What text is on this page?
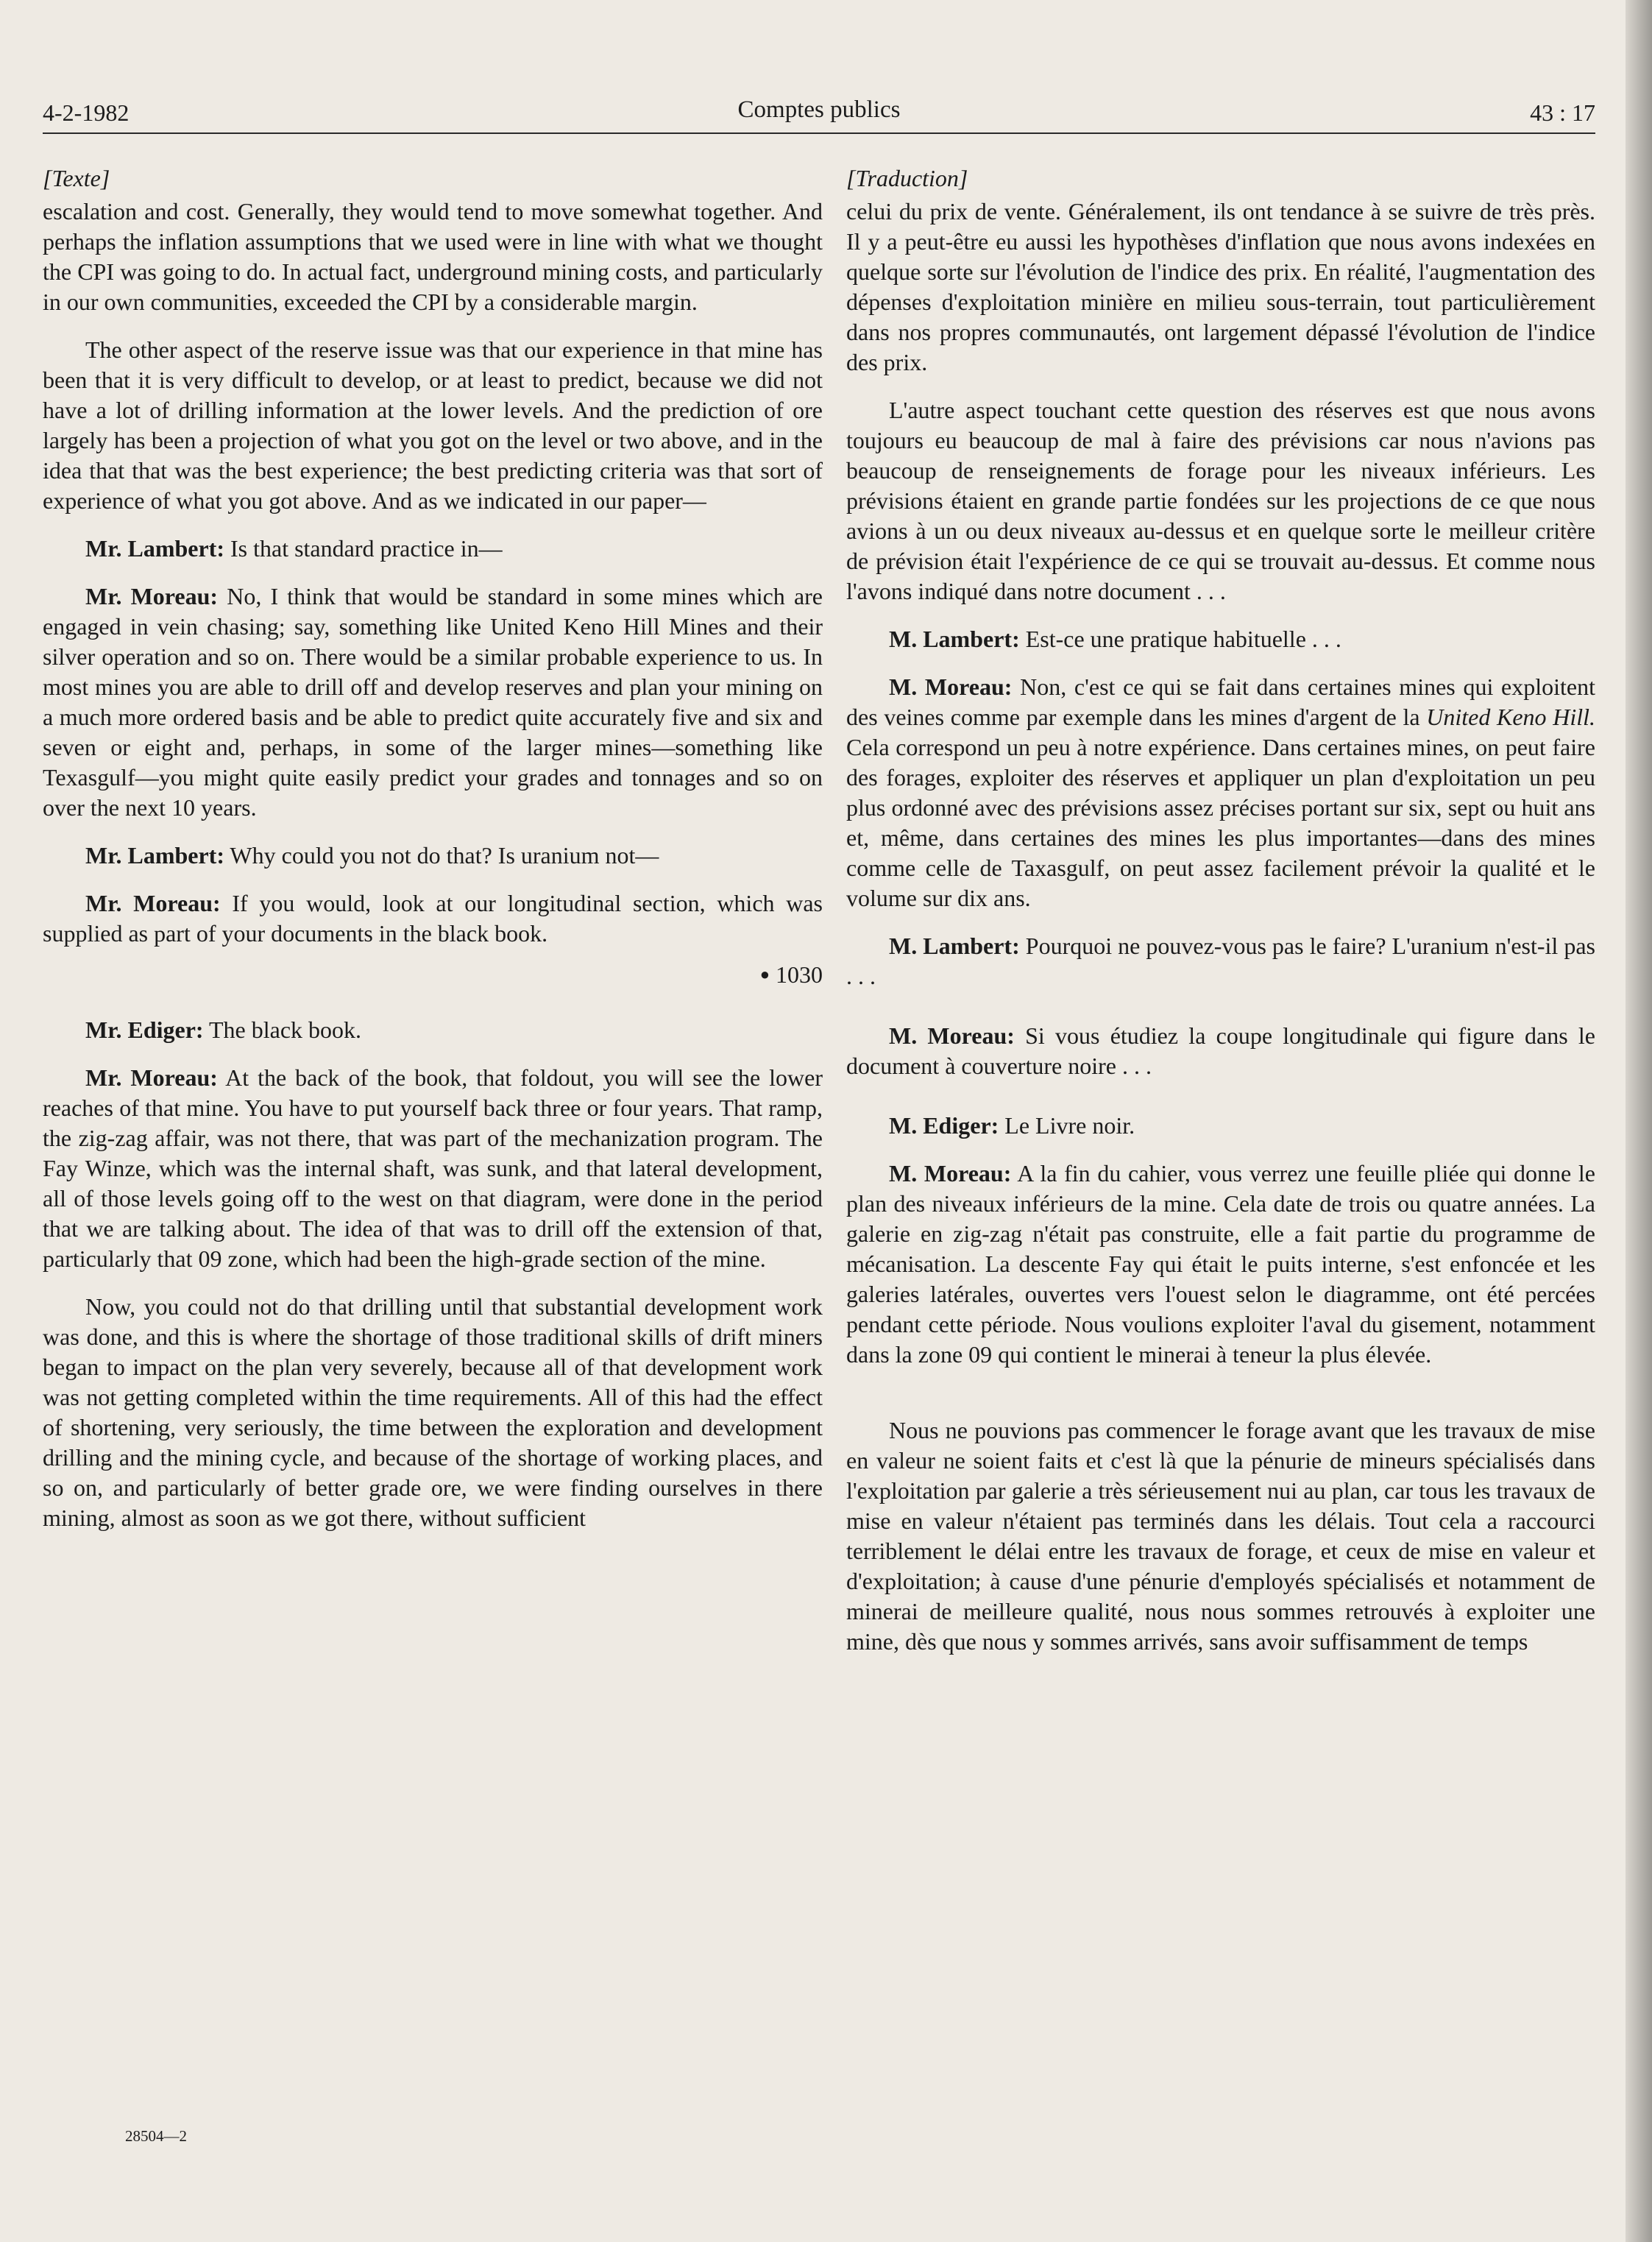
4-2-1982	Comptes publics	43 : 17

[Texte]

escalation and cost. Generally, they would tend to move somewhat together. And perhaps the inflation assumptions that we used were in line with what we thought the CPI was going to do. In actual fact, underground mining costs, and particularly in our own communities, exceeded the CPI by a considerable margin.

The other aspect of the reserve issue was that our experience in that mine has been that it is very difficult to develop, or at least to predict, because we did not have a lot of drilling information at the lower levels. And the prediction of ore largely has been a projection of what you got on the level or two above, and in the idea that that was the best experience; the best predicting criteria was that sort of experience of what you got above. And as we indicated in our paper—

Mr. Lambert: Is that standard practice in—

Mr. Moreau: No, I think that would be standard in some mines which are engaged in vein chasing; say, something like United Keno Hill Mines and their silver operation and so on. There would be a similar probable experience to us. In most mines you are able to drill off and develop reserves and plan your mining on a much more ordered basis and be able to predict quite accurately five and six and seven or eight and, perhaps, in some of the larger mines—something like Texasgulf—you might quite easily predict your grades and tonnages and so on over the next 10 years.

Mr. Lambert: Why could you not do that? Is uranium not—

Mr. Moreau: If you would, look at our longitudinal section, which was supplied as part of your documents in the black book.

● 1030

Mr. Ediger: The black book.

Mr. Moreau: At the back of the book, that foldout, you will see the lower reaches of that mine. You have to put yourself back three or four years. That ramp, the zig-zag affair, was not there, that was part of the mechanization program. The Fay Winze, which was the internal shaft, was sunk, and that lateral development, all of those levels going off to the west on that diagram, were done in the period that we are talking about. The idea of that was to drill off the extension of that, particularly that 09 zone, which had been the high-grade section of the mine.

Now, you could not do that drilling until that substantial development work was done, and this is where the shortage of those traditional skills of drift miners began to impact on the plan very severely, because all of that development work was not getting completed within the time requirements. All of this had the effect of shortening, very seriously, the time between the exploration and development drilling and the mining cycle, and because of the shortage of working places, and so on, and particularly of better grade ore, we were finding ourselves in there mining, almost as soon as we got there, without sufficient

[Traduction]

celui du prix de vente. Généralement, ils ont tendance à se suivre de très près. Il y a peut-être eu aussi les hypothèses d'inflation que nous avons indexées en quelque sorte sur l'évolution de l'indice des prix. En réalité, l'augmentation des dépenses d'exploitation minière en milieu sous-terrain, tout particulièrement dans nos propres communautés, ont largement dépassé l'évolution de l'indice des prix.

L'autre aspect touchant cette question des réserves est que nous avons toujours eu beaucoup de mal à faire des prévisions car nous n'avions pas beaucoup de renseignements de forage pour les niveaux inférieurs. Les prévisions étaient en grande partie fondées sur les projections de ce que nous avions à un ou deux niveaux au-dessus et en quelque sorte le meilleur critère de prévision était l'expérience de ce qui se trouvait au-dessus. Et comme nous l'avons indiqué dans notre document . . .

M. Lambert: Est-ce une pratique habituelle . . .

M. Moreau: Non, c'est ce qui se fait dans certaines mines qui exploitent des veines comme par exemple dans les mines d'argent de la United Keno Hill. Cela correspond un peu à notre expérience. Dans certaines mines, on peut faire des forages, exploiter des réserves et appliquer un plan d'exploitation un peu plus ordonné avec des prévisions assez précises portant sur six, sept ou huit ans et, même, dans certaines des mines les plus importantes—dans des mines comme celle de Taxasgulf, on peut assez facilement prévoir la qualité et le volume sur dix ans.

M. Lambert: Pourquoi ne pouvez-vous pas le faire? L'uranium n'est-il pas . . .

M. Moreau: Si vous étudiez la coupe longitudinale qui figure dans le document à couverture noire . . .

M. Ediger: Le Livre noir.

M. Moreau: A la fin du cahier, vous verrez une feuille pliée qui donne le plan des niveaux inférieurs de la mine. Cela date de trois ou quatre années. La galerie en zig-zag n'était pas construite, elle a fait partie du programme de mécanisation. La descente Fay qui était le puits interne, s'est enfoncée et les galeries latérales, ouvertes vers l'ouest selon le diagramme, ont été percées pendant cette période. Nous voulions exploiter l'aval du gisement, notamment dans la zone 09 qui contient le minerai à teneur la plus élevée.

Nous ne pouvions pas commencer le forage avant que les travaux de mise en valeur ne soient faits et c'est là que la pénurie de mineurs spécialisés dans l'exploitation par galerie a très sérieusement nui au plan, car tous les travaux de mise en valeur n'étaient pas terminés dans les délais. Tout cela a raccourci terriblement le délai entre les travaux de forage, et ceux de mise en valeur et d'exploitation; à cause d'une pénurie d'employés spécialisés et notamment de minerai de meilleure qualité, nous nous sommes retrouvés à exploiter une mine, dès que nous y sommes arrivés, sans avoir suffisamment de temps

28504—2
